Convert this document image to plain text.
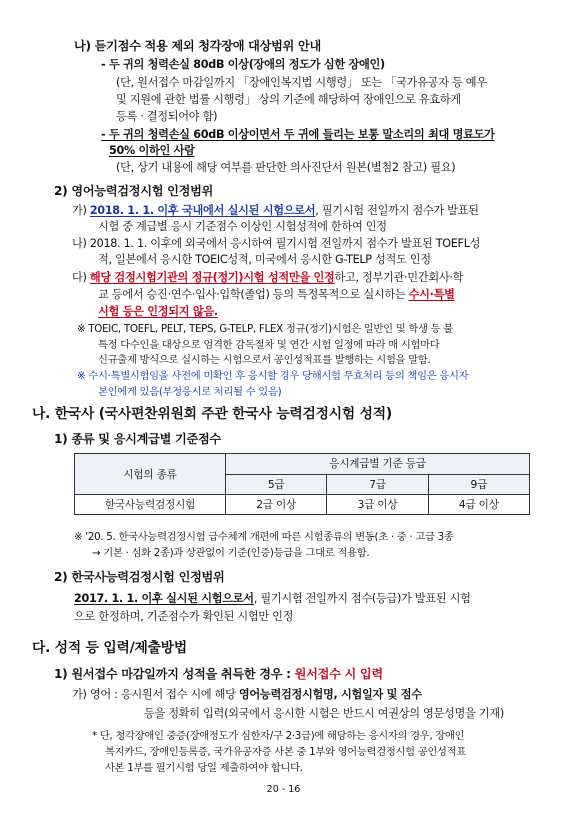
나) 듣기점수 적용 제외 청각장애 대상범위 안내
- 두 귀의 청력손실 80dB 이상(장애의 정도가 심한 장애인)
(단, 원서접수 마감일까지 「장애인복지법 시행령」 또는 「국가유공자 등 예우
및 지원에 관한 법률 시행령」 상의 기준에 해당하여 장애인으로 유효하게
등록 · 결정되어야 함)
- 두 귀의 청력손실 60dB 이상이면서 두 귀에 들리는 보통 말소리의 최대 명료도가
50% 이하인 사람
(단, 상기 내용에 해당 여부를 판단한 의사진단서 원본(별첨2 참고) 필요)
2) 영어능력검정시험 인정범위
가) 2018. 1. 1. 이후 국내에서 실시된 시험으로서, 필기시험 전일까지 점수가 발표된
시험 중 계급별 응시 기준점수 이상인 시험성적에 한하여 인정
나) 2018. 1. 1. 이후에 외국에서 응시하여 필기시험 전일까지 점수가 발표된 TOEFL성
적, 일본에서 응시한 TOEIC성적, 미국에서 응시한 G-TELP 성적도 인정
다) 해당 검정시험기관의 정규(정기)시험 성적만을 인정하고, 정부기관·민간회사·학
교 등에서 승진·연수·입사·입학(졸업) 등의 특정목적으로 실시하는 수시·특별
시험 등은 인정되지 않음.
※ TOEIC, TOEFL, PELT, TEPS, G-TELP, FLEX 정규(정기)시험은 일반인 및 학생 등 불
특정 다수인을 대상으로 엄격한 감독절차 및 연간 시험 일정에 따라 매 시험마다
신규출제 방식으로 실시하는 시험으로서 공인성적표를 발행하는 시험을 말함.
※ 수시·특별시험임을 사전에 미확인 후 응시할 경우 당해시험 무효처리 등의 책임은 응시자
본인에게 있음(부정응시로 처리될 수 있음)
나. 한국사 (국사편찬위원회 주관 한국사 능력검정시험 성적)
1) 종류 및 응시계급별 기준점수
시험의 종류	응시계급별 기준 등급		
	5급	7급	9급
한국사능력검정시험	2급 이상	3급 이상	4급 이상
※ '20. 5. 한국사능력검정시험 급수체계 개편에 따른 시험종류의 변동(초 · 중 · 고급 3종
→ 기본 · 심화 2종)과 상관없이 기준(인증)등급을 그대로 적용함.
2) 한국사능력검정시험 인정범위
2017. 1. 1. 이후 실시된 시험으로서, 필기시험 전일까지 점수(등급)가 발표된 시험
으로 한정하며, 기준점수가 확인된 시험만 인정
다. 성적 등 입력/제출방법
1) 원서접수 마감일까지 성적을 취득한 경우 : 원서접수 시 입력
가) 영어 : 응시원서 접수 시에 해당 영어능력검정시험명, 시험일자 및 점수
등을 정확히 입력(외국에서 응시한 시험은 반드시 여권상의 영문성명을 기재)
* 단, 청각장애인 중증(장애정도가 심한자/구 2·3급)에 해당하는 응시자의 경우, 장애인
복지카드, 장애인등록증, 국가유공자증 사본 중 1부와 영어능력검정시험 공인성적표
사본 1부를 필기시험 당일 제출하여야 합니다.
20 - 16
